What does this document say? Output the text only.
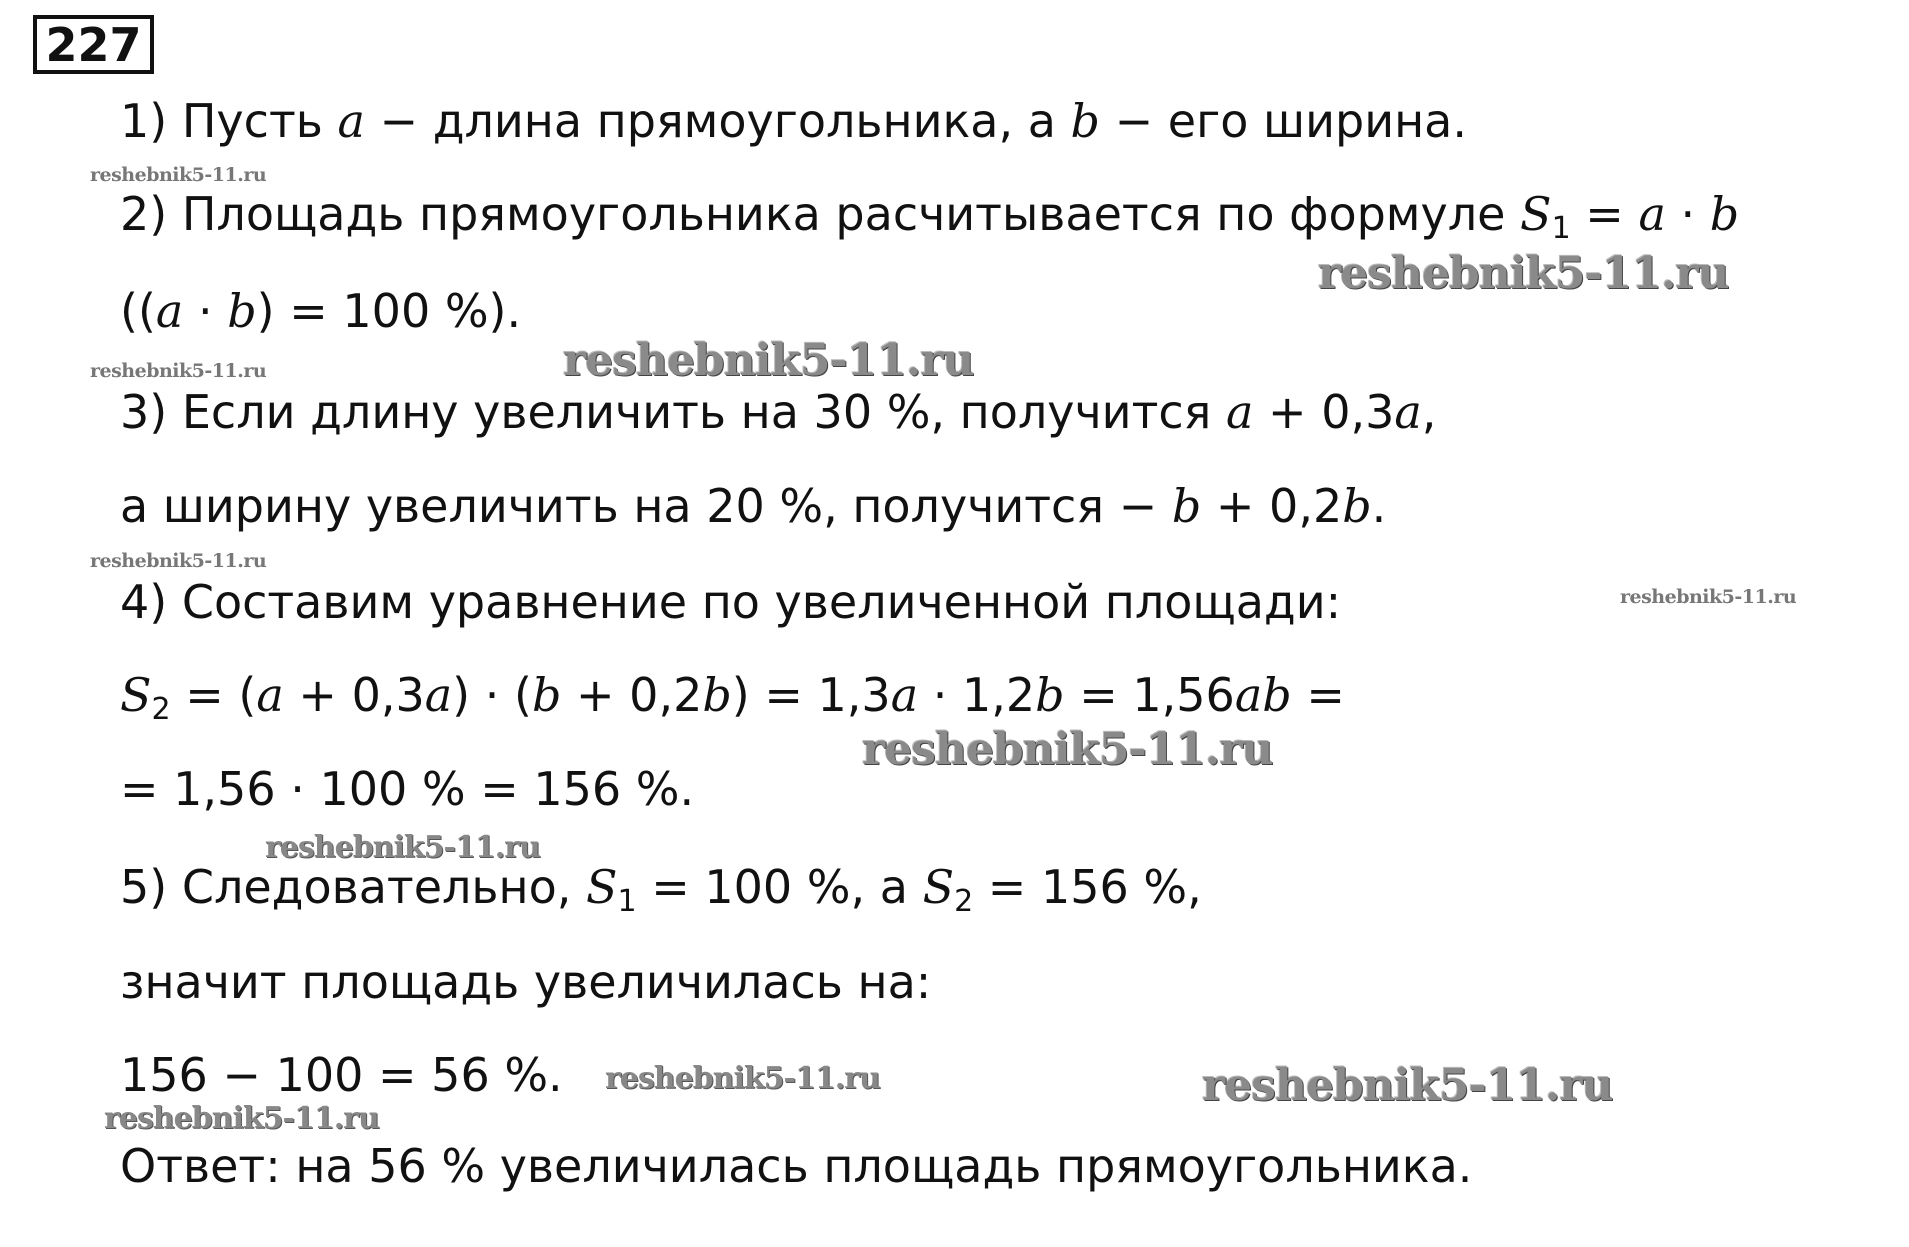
227
1) Пусть a − длина прямоугольника, а b − его ширина.
2) Площадь прямоугольника расчитывается по формуле $S_1 = a \cdot b$
((a · b) = 100 %).
3) Если длину увеличить на 30 %, получится a + 0,3a,
а ширину увеличить на 20 %, получится − b + 0,2b.
4) Составим уравнение по увеличенной площади:
$S_2 = (a + 0,3a) \cdot (b + 0,2b) = 1,3a \cdot 1,2b = 1,56ab$ =
= 1,56 · 100 % = 156 %.
5) Следовательно, $S_1 = 100$ %, а $S_2 = 156$ %,
значит площадь увеличилась на:
156 − 100 = 56 %.
Ответ: на 56 % увеличилась площадь прямоугольника.
reshebnik5-11.ru
reshebnik5-11.ru
reshebnik5-11.ru	reshebnik5-11.ru
reshebnik5-11.ru
reshebnik5-11.ru
reshebnik5-11.ru
reshebnik5-11.ru
reshebnik5-11.ru	reshebnik5-11.ru
reshebnik5-11.ru
